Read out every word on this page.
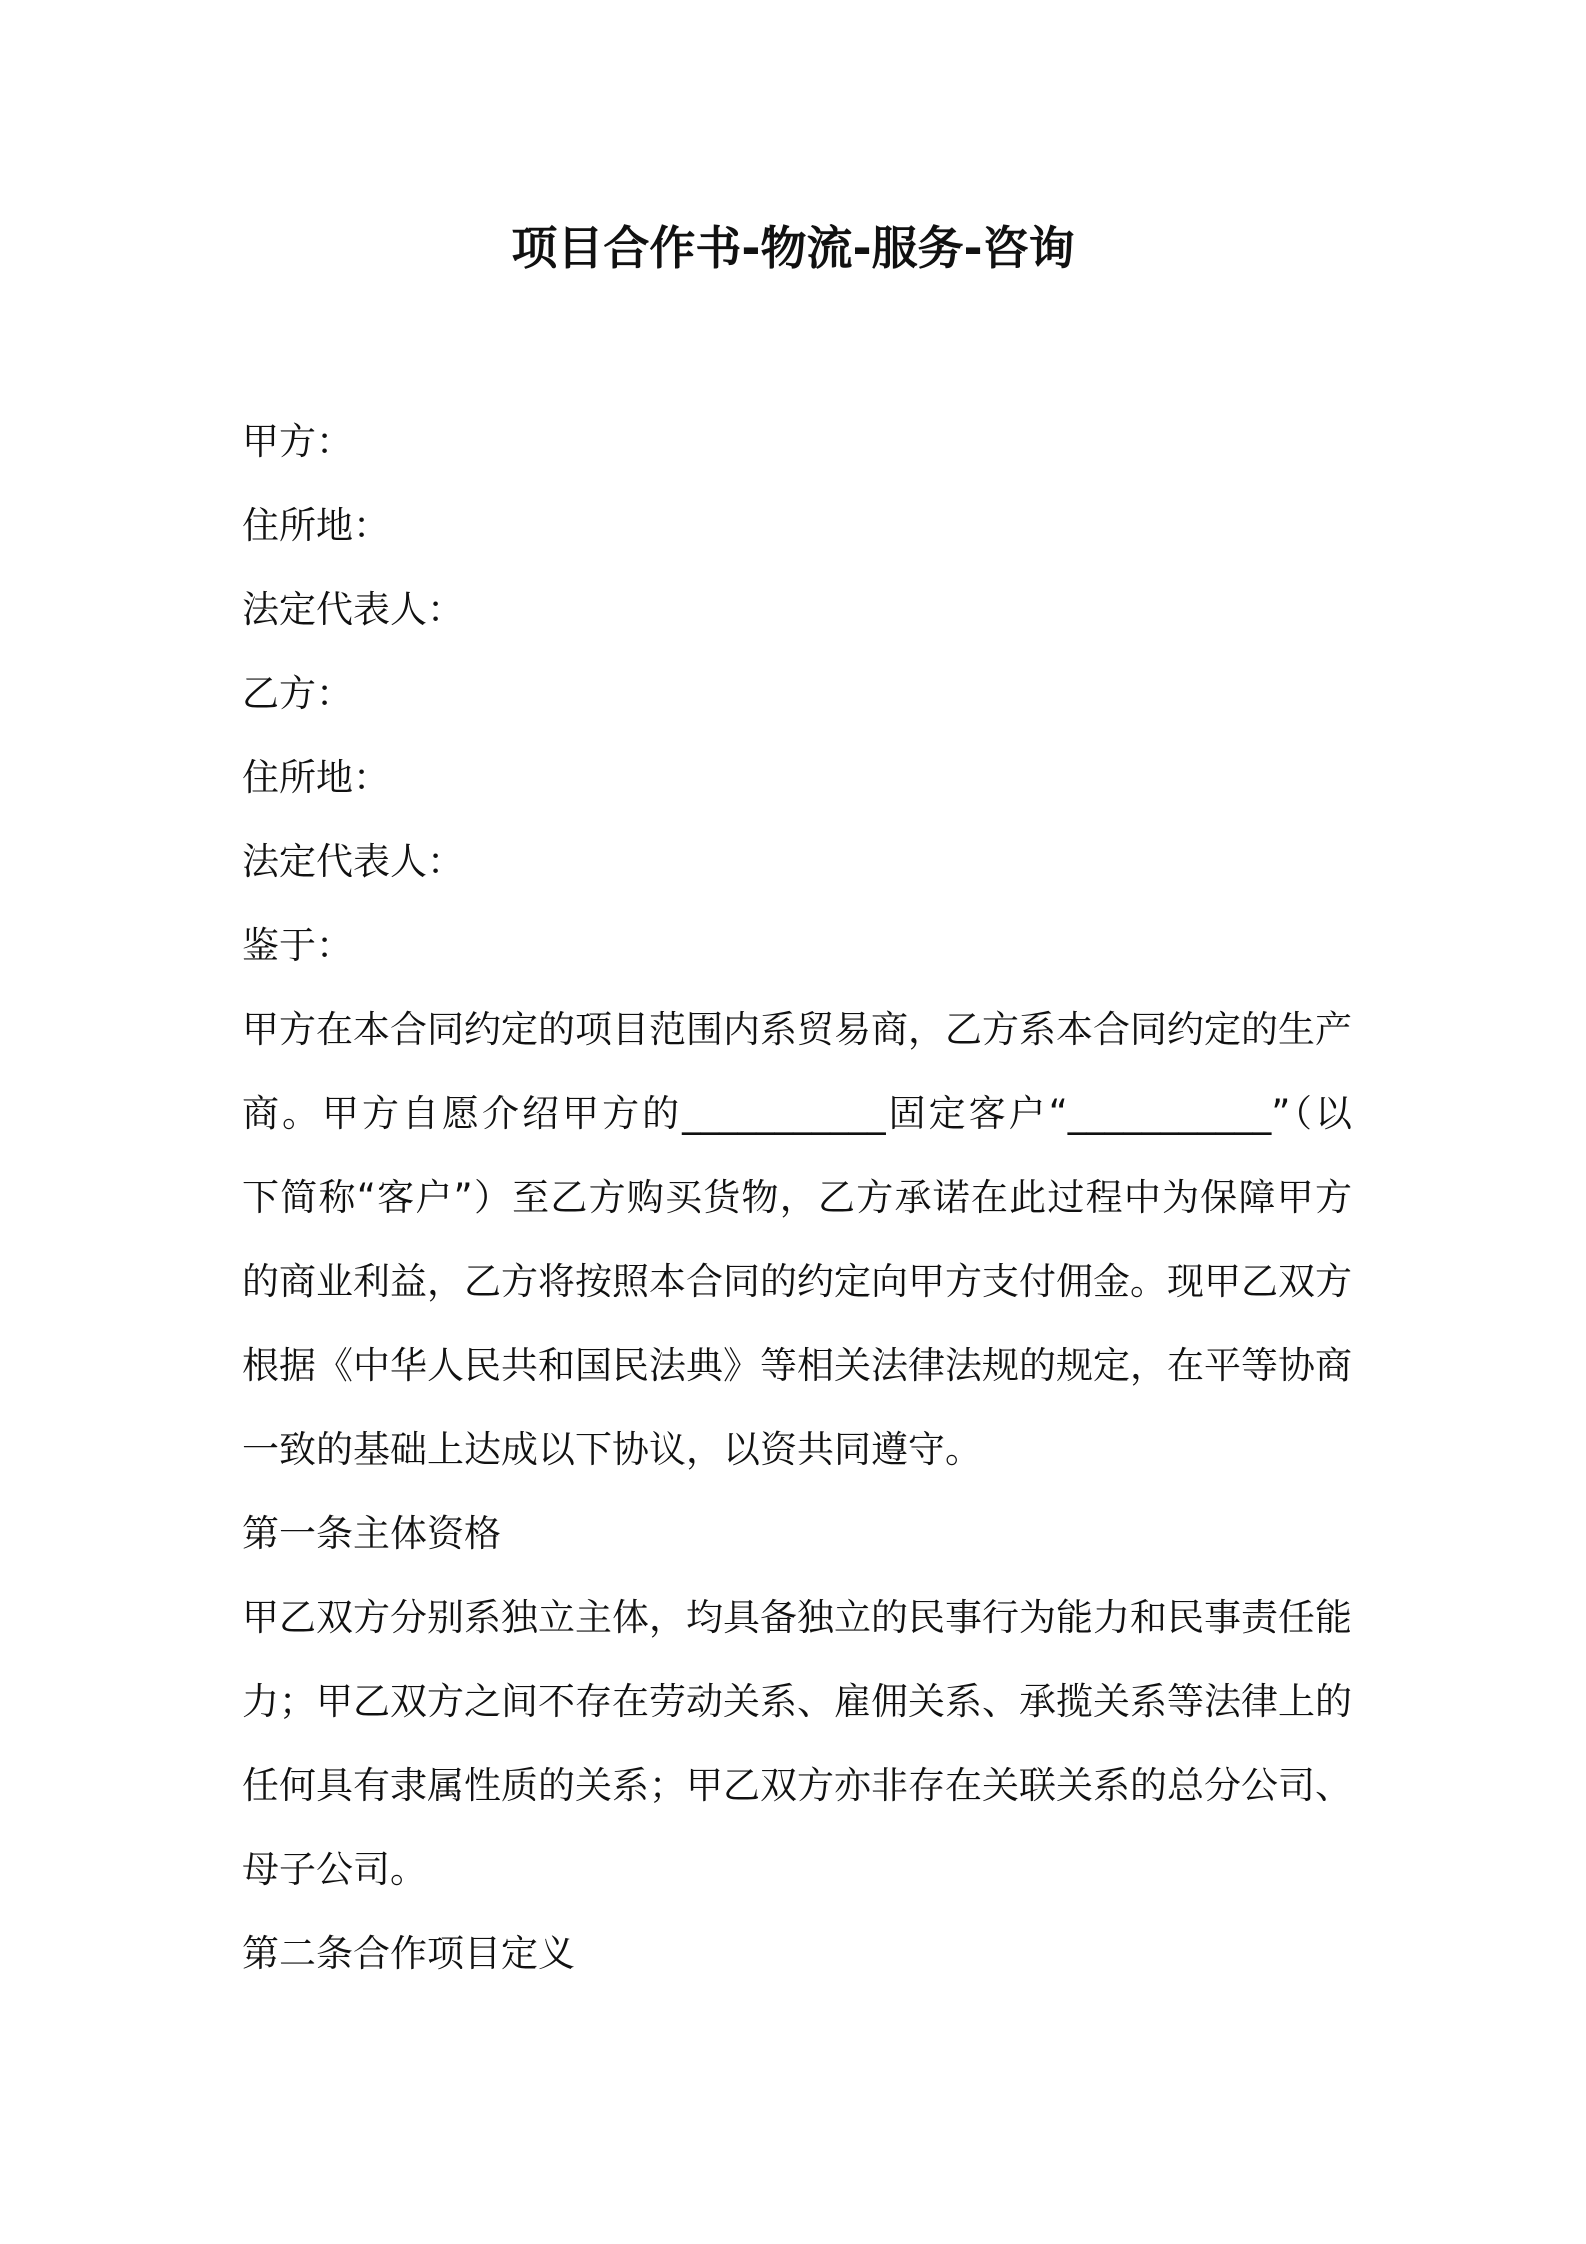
项目合作书-物流-服务-咨询
甲方：
住所地：
法定代表人：
乙方：
住所地：
法定代表人：
鉴于：
甲方在本合同约定的项目范围内系贸易商，乙方系本合同约定的生产
商。甲方自愿介绍甲方的___________固定客户“___________”（以
下简称“客户”）至乙方购买货物，乙方承诺在此过程中为保障甲方
的商业利益，乙方将按照本合同的约定向甲方支付佣金。现甲乙双方
根据《中华人民共和国民法典》等相关法律法规的规定，在平等协商
一致的基础上达成以下协议，以资共同遵守。
第一条主体资格
甲乙双方分别系独立主体，均具备独立的民事行为能力和民事责任能
力；甲乙双方之间不存在劳动关系、雇佣关系、承揽关系等法律上的
任何具有隶属性质的关系；甲乙双方亦非存在关联关系的总分公司、
母子公司。
第二条合作项目定义
